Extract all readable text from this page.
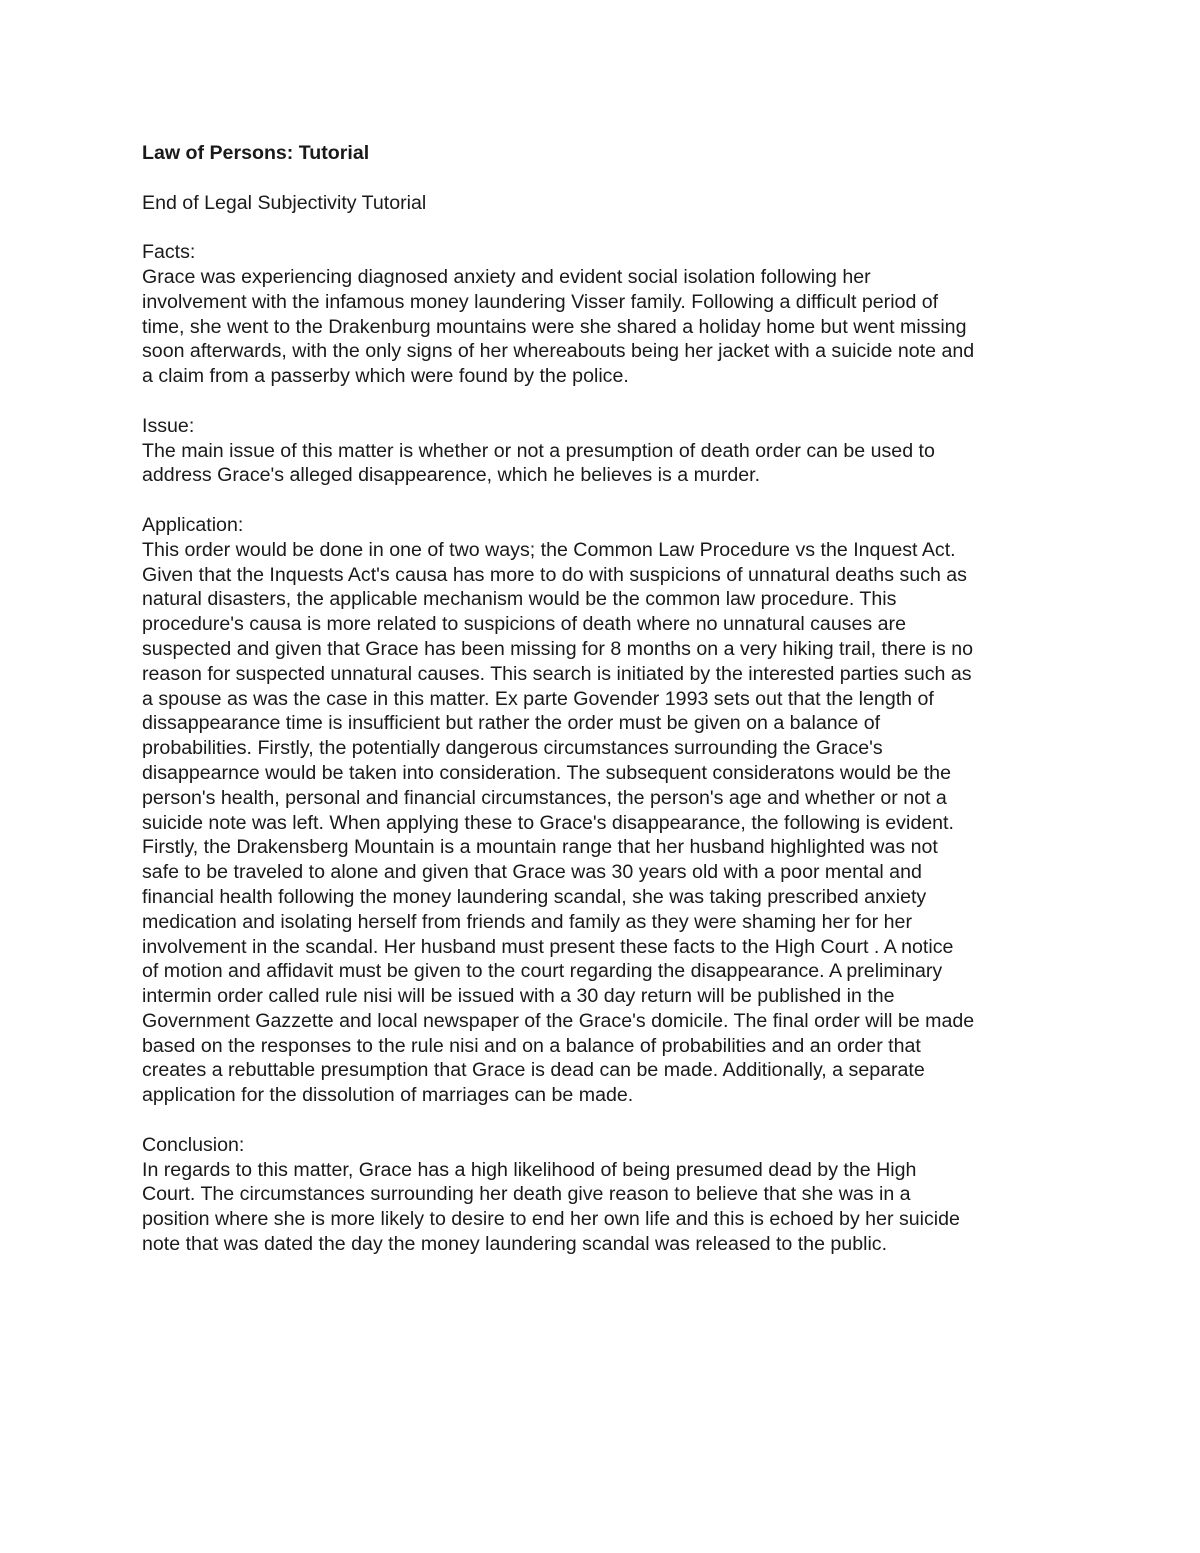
Law of Persons: Tutorial

End of Legal Subjectivity Tutorial

Facts:

Grace was experiencing diagnosed anxiety and evident social isolation following her
involvement with the infamous money laundering Visser family. Following a difficult period of
time, she went to the Drakenburg mountains were she shared a holiday home but went missing
soon afterwards, with the only signs of her whereabouts being her jacket with a suicide note and
a claim from a passerby which were found by the police.

Issue:

The main issue of this matter is whether or not a presumption of death order can be used to
address Grace's alleged disappearence, which he believes is a murder.

Application:

This order would be done in one of two ways; the Common Law Procedure vs the Inquest Act.
Given that the Inquests Act's causa has more to do with suspicions of unnatural deaths such as
natural disasters, the applicable mechanism would be the common law procedure. This
procedure's causa is more related to suspicions of death where no unnatural causes are
suspected and given that Grace has been missing for 8 months on a very hiking trail, there is no
reason for suspected unnatural causes. This search is initiated by the interested parties such as
a spouse as was the case in this matter. Ex parte Govender 1993 sets out that the length of
dissappearance time is insufficient but rather the order must be given on a balance of
probabilities. Firstly, the potentially dangerous circumstances surrounding the Grace's
disappearnce would be taken into consideration. The subsequent consideratons would be the
person's health, personal and financial circumstances, the person's age and whether or not a
suicide note was left. When applying these to Grace's disappearance, the following is evident.
Firstly, the Drakensberg Mountain is a mountain range that her husband highlighted was not
safe to be traveled to alone and given that Grace was 30 years old with a poor mental and
financial health following the money laundering scandal, she was taking prescribed anxiety
medication and isolating herself from friends and family as they were shaming her for her
involvement in the scandal. Her husband must present these facts to the High Court . A notice
of motion and affidavit must be given to the court regarding the disappearance. A preliminary
intermin order called rule nisi will be issued with a 30 day return will be published in the
Government Gazzette and local newspaper of the Grace's domicile. The final order will be made
based on the responses to the rule nisi and on a balance of probabilities and an order that
creates a rebuttable presumption that Grace is dead can be made. Additionally, a separate
application for the dissolution of marriages can be made.

Conclusion:

In regards to this matter, Grace has a high likelihood of being presumed dead by the High
Court. The circumstances surrounding her death give reason to believe that she was in a
position where she is more likely to desire to end her own life and this is echoed by her suicide
note that was dated the day the money laundering scandal was released to the public.
